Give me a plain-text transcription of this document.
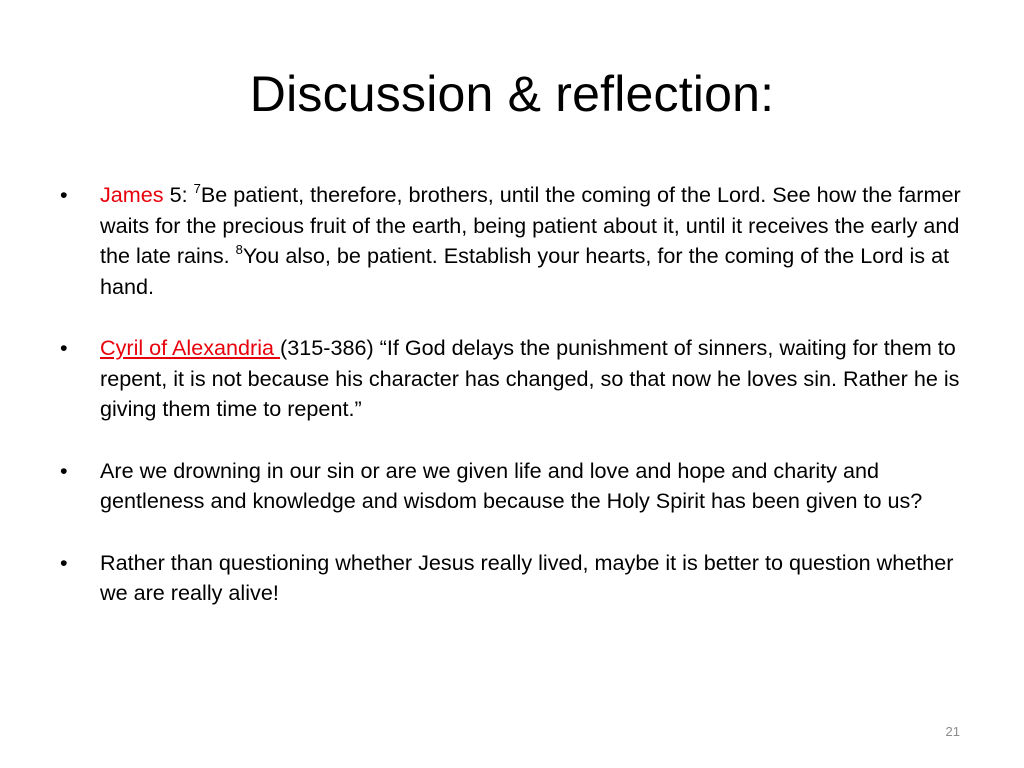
Discussion & reflection:
•	James 5: $^7$Be patient, therefore, brothers, until the coming of the Lord. See how the farmer waits for the precious fruit of the earth, being patient about it, until it receives the early and the late rains. $^8$You also, be patient. Establish your hearts, for the coming of the Lord is at hand.
•	Cyril of Alexandria (315-386) “If God delays the punishment of sinners, waiting for them to repent, it is not because his character has changed, so that now he loves sin. Rather he is giving them time to repent.”
•	Are we drowning in our sin or are we given life and love and hope and charity and gentleness and knowledge and wisdom because the Holy Spirit has been given to us?
•	Rather than questioning whether Jesus really lived, maybe it is better to question whether we are really alive!
21
